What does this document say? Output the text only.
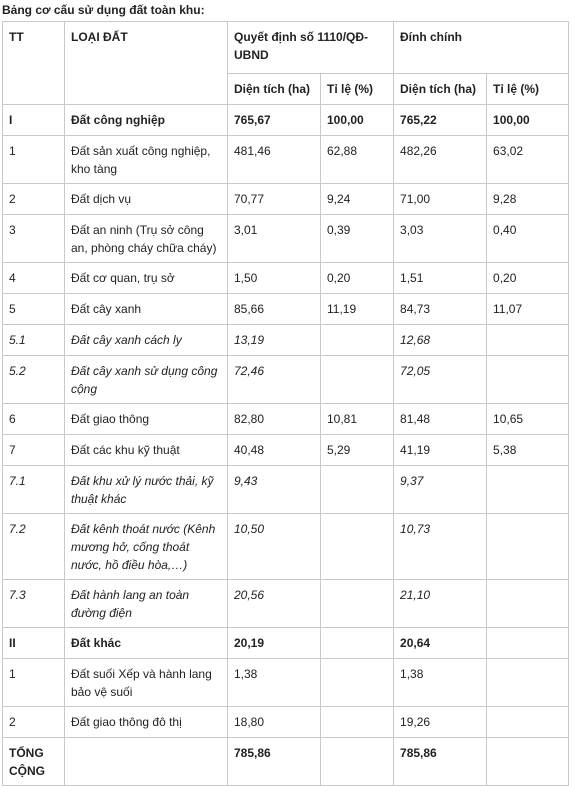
Bảng cơ cấu sử dụng đất toàn khu:
TT	LOẠI ĐẤT	Quyết định số 1110/QĐ-UBND		Đính chính	
		Diện tích (ha)	Tỉ lệ (%)	Diện tích (ha)	Tỉ lệ (%)
I	Đất công nghiệp	765,67	100,00	765,22	100,00
1	Đất sản xuất công nghiệp, kho tàng	481,46	62,88	482,26	63,02
2	Đất dịch vụ	70,77	9,24	71,00	9,28
3	Đất an ninh (Trụ sở công an, phòng cháy chữa cháy)	3,01	0,39	3,03	0,40
4	Đất cơ quan, trụ sở	1,50	0,20	1,51	0,20
5	Đất cây xanh	85,66	11,19	84,73	11,07
5.1	Đất cây xanh cách ly	13,19		12,68	
5.2	Đất cây xanh sử dụng công cộng	72,46		72,05	
6	Đất giao thông	82,80	10,81	81,48	10,65
7	Đất các khu kỹ thuật	40,48	5,29	41,19	5,38
7.1	Đất khu xử lý nước thải, kỹ thuật khác	9,43		9,37	
7.2	Đất kênh thoát nước (Kênh mương hở, cống thoát nước, hồ điều hòa,…)	10,50		10,73	
7.3	Đất hành lang an toàn đường điện	20,56		21,10	
II	Đất khác	20,19		20,64	
1	Đất suối Xếp và hành lang bảo vệ suối	1,38		1,38	
2	Đất giao thông đô thị	18,80		19,26	
TỔNG CỘNG		785,86		785,86	
